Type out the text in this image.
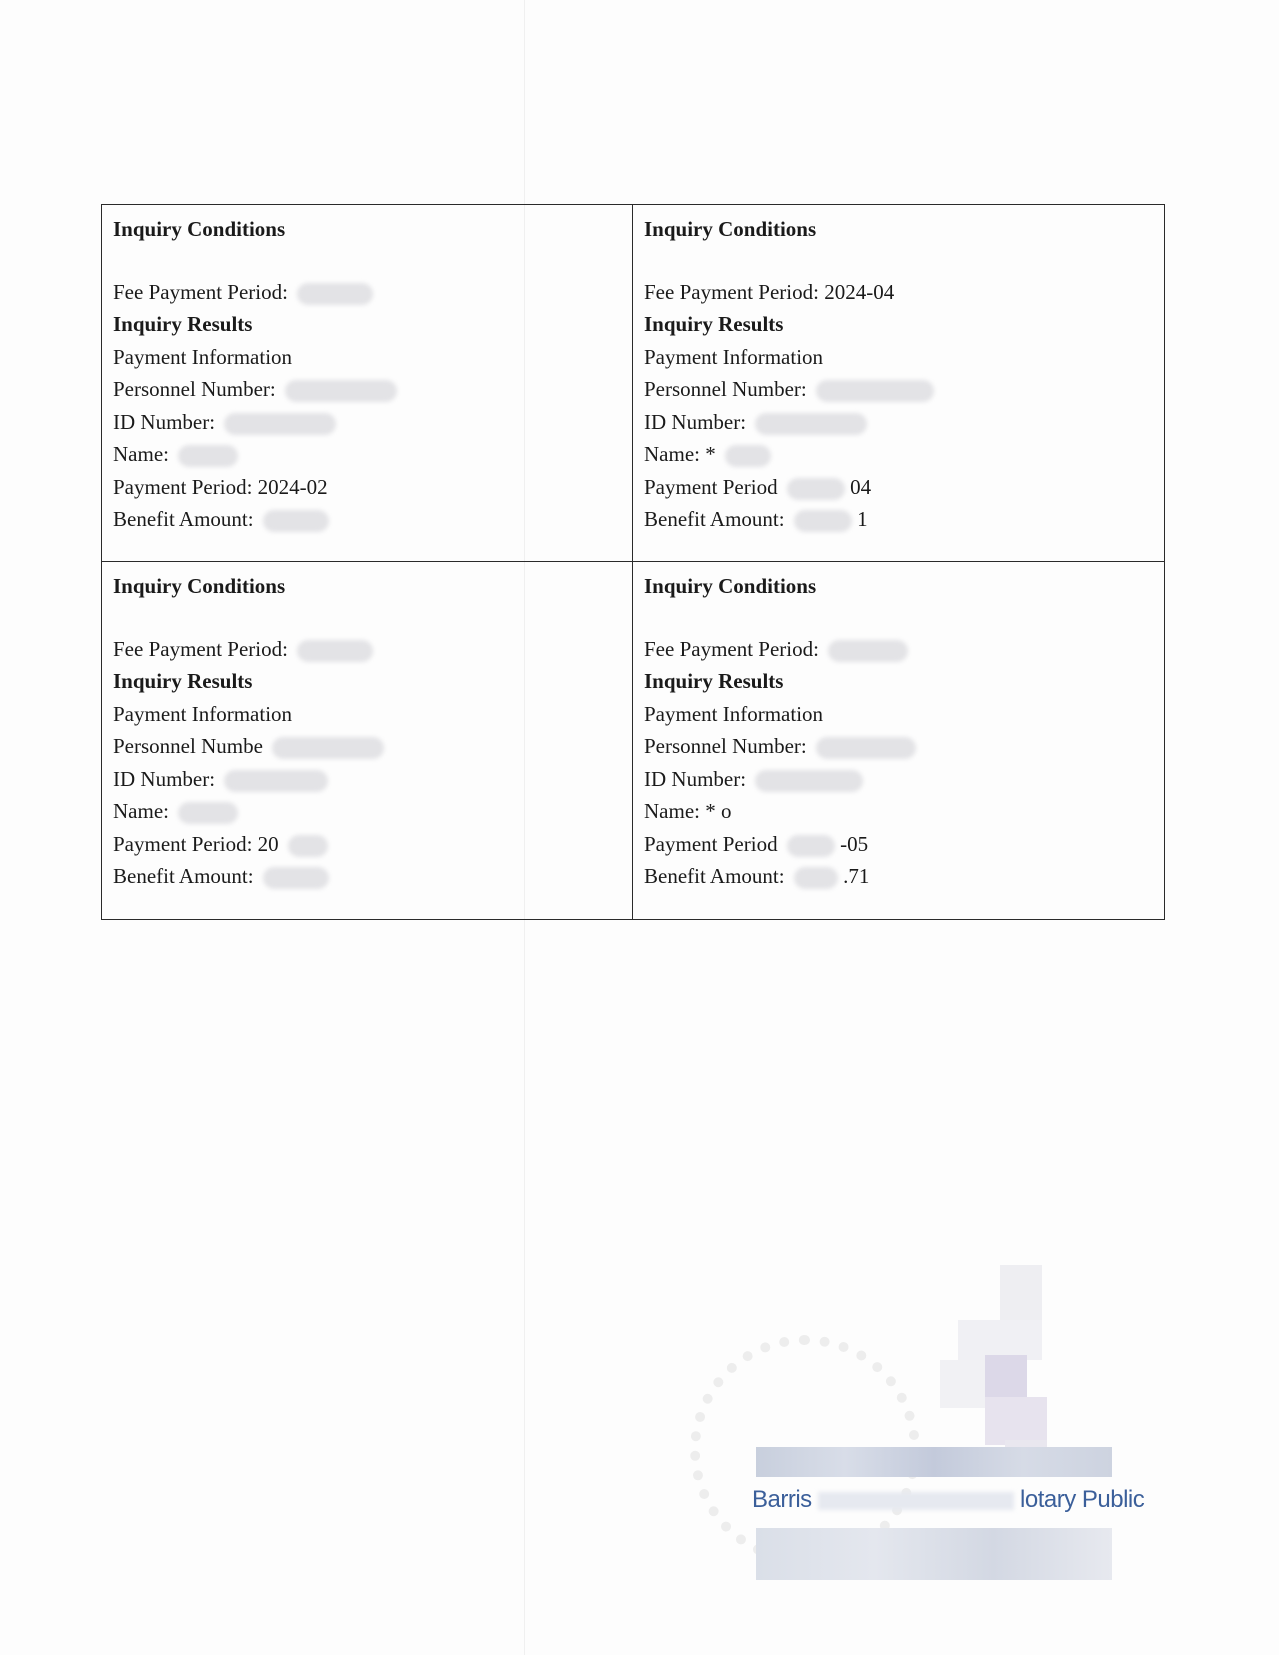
Inquiry Conditions
Fee Payment Period:
Inquiry Results
Payment Information
Personnel Number:
ID Number:
Name:
Payment Period: 2024-02
Benefit Amount:
Inquiry Conditions
Fee Payment Period: 2024-04
Inquiry Results
Payment Information
Personnel Number:
ID Number:
Name: *
Payment Period	04
Benefit Amount:	1
Inquiry Conditions
Fee Payment Period:
Inquiry Results
Payment Information
Personnel Numbe
ID Number:
Name:
Payment Period: 20
Benefit Amount:
Inquiry Conditions
Fee Payment Period:
Inquiry Results
Payment Information
Personnel Number:
ID Number:
Name: * o
Payment Period	-05
Benefit Amount:	.71
Barris	lotary Public
